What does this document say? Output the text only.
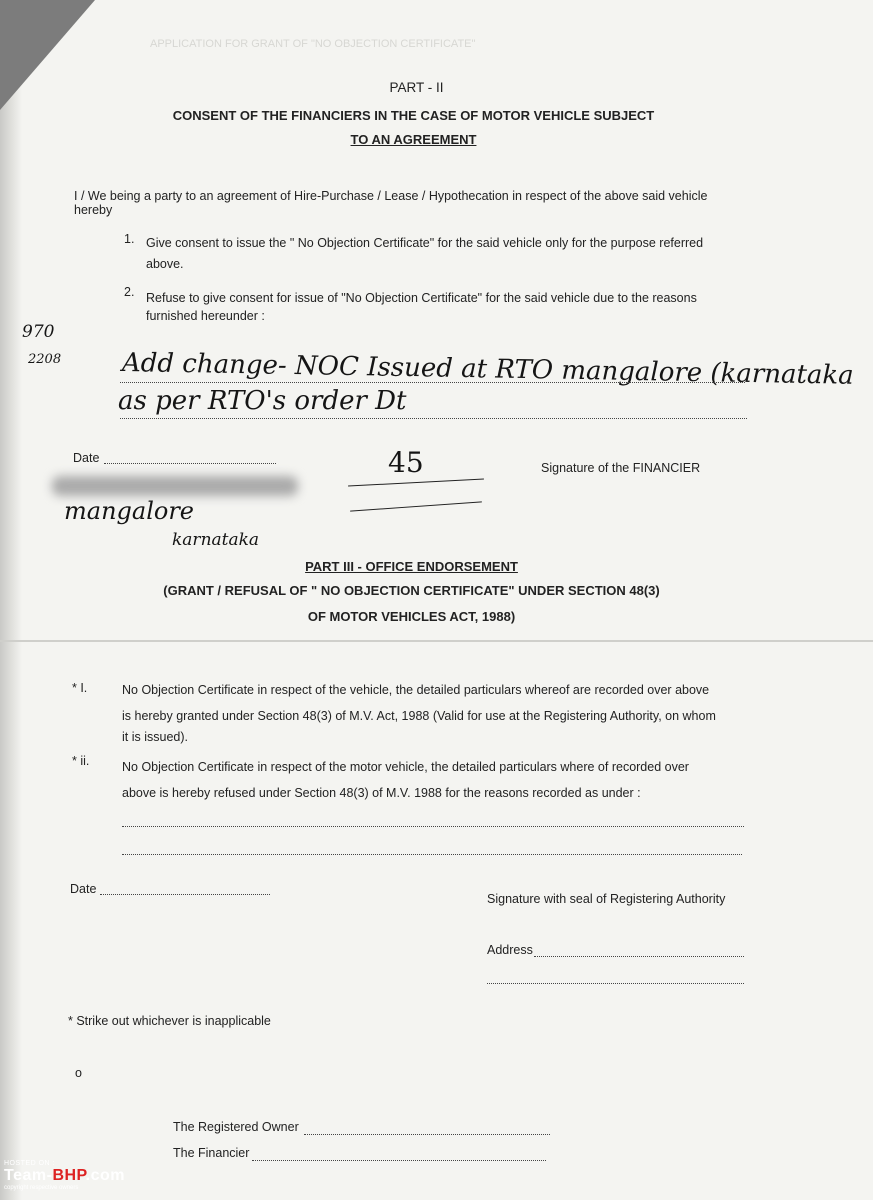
APPLICATION FOR GRANT OF "NO OBJECTION CERTIFICATE"
PART - II
CONSENT OF THE FINANCIERS IN THE CASE OF MOTOR VEHICLE SUBJECT
TO AN AGREEMENT
I / We being a party to an agreement of Hire-Purchase / Lease / Hypothecation in respect of the above said vehicle
hereby
1. Give consent to issue the " No Objection Certificate" for the said vehicle only for the purpose referred
above.
2. Refuse to give consent for issue of "No Objection Certificate" for the said vehicle due to the reasons
furnished hereunder :
970
2208 Add change- NOC Issued at RTO mangalore (karnataka
as per RTO's order Dt
Date	45	Signature of the FINANCIER
mangalore
karnataka
PART III - OFFICE ENDORSEMENT
(GRANT / REFUSAL OF " NO OBJECTION CERTIFICATE" UNDER SECTION 48(3)
OF MOTOR VEHICLES ACT, 1988)
* I.	No Objection Certificate in respect of the vehicle, the detailed particulars whereof are recorded over above
is hereby granted under Section 48(3) of M.V. Act, 1988 (Valid for use at the Registering Authority, on whom
it is issued).
* ii.	No Objection Certificate in respect of the motor vehicle, the detailed particulars where of recorded over
above is hereby refused under Section 48(3) of M.V. 1988 for the reasons recorded as under :
Date
Signature with seal of Registering Authority
Address
* Strike out whichever is inapplicable
o
The Registered Owner
The Financier
HOSTED ON :
Team-BHP.com
copyright respective owners
